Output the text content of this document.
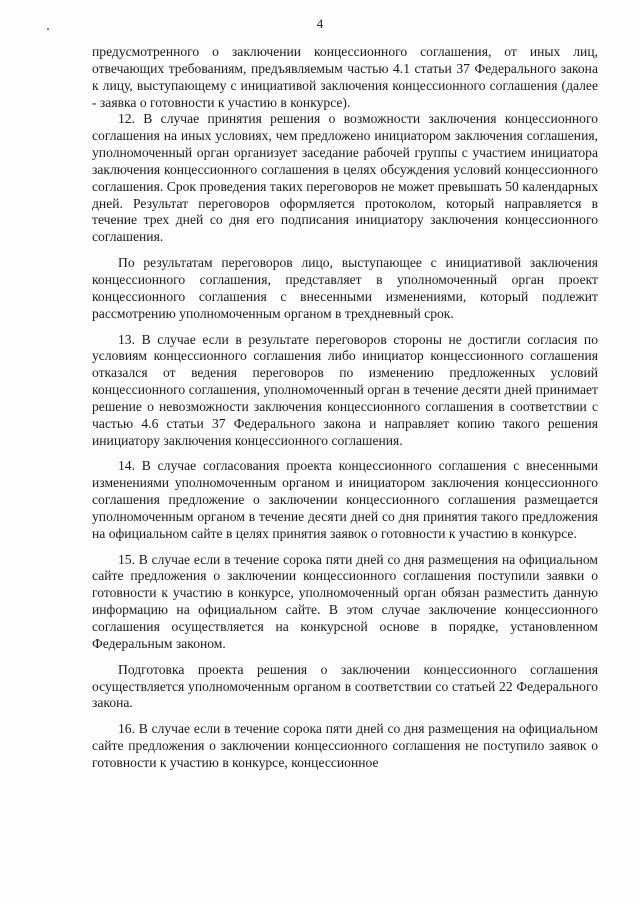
4

предусмотренного о заключении концессионного соглашения, от иных лиц, отвечающих требованиям, предъявляемым частью 4.1 статьи 37 Федерального закона к лицу, выступающему с инициативой заключения концессионного соглашения (далее - заявка о готовности к участию в конкурсе).

12. В случае принятия решения о возможности заключения концессионного соглашения на иных условиях, чем предложено инициатором заключения соглашения, уполномоченный орган организует заседание рабочей группы с участием инициатора заключения концессионного соглашения в целях обсуждения условий концессионного соглашения. Срок проведения таких переговоров не может превышать 50 календарных дней. Результат переговоров оформляется протоколом, который направляется в течение трех дней со дня его подписания инициатору заключения концессионного соглашения.

По результатам переговоров лицо, выступающее с инициативой заключения концессионного соглашения, представляет в уполномоченный орган проект концессионного соглашения с внесенными изменениями, который подлежит рассмотрению уполномоченным органом в трехдневный срок.

13. В случае если в результате переговоров стороны не достигли согласия по условиям концессионного соглашения либо инициатор концессионного соглашения отказался от ведения переговоров по изменению предложенных условий концессионного соглашения, уполномоченный орган в течение десяти дней принимает решение о невозможности заключения концессионного соглашения в соответствии с частью 4.6 статьи 37 Федерального закона и направляет копию такого решения инициатору заключения концессионного соглашения.

14. В случае согласования проекта концессионного соглашения с внесенными изменениями уполномоченным органом и инициатором заключения концессионного соглашения предложение о заключении концессионного соглашения размещается уполномоченным органом в течение десяти дней со дня принятия такого предложения на официальном сайте в целях принятия заявок о готовности к участию в конкурсе.

15. В случае если в течение сорока пяти дней со дня размещения на официальном сайте предложения о заключении концессионного соглашения поступили заявки о готовности к участию в конкурсе, уполномоченный орган обязан разместить данную информацию на официальном сайте. В этом случае заключение концессионного соглашения осуществляется на конкурсной основе в порядке, установленном Федеральным законом.

Подготовка проекта решения о заключении концессионного соглашения осуществляется уполномоченным органом в соответствии со статьей 22 Федерального закона.

16. В случае если в течение сорока пяти дней со дня размещения на официальном сайте предложения о заключении концессионного соглашения не поступило заявок о готовности к участию в конкурсе, концессионное
